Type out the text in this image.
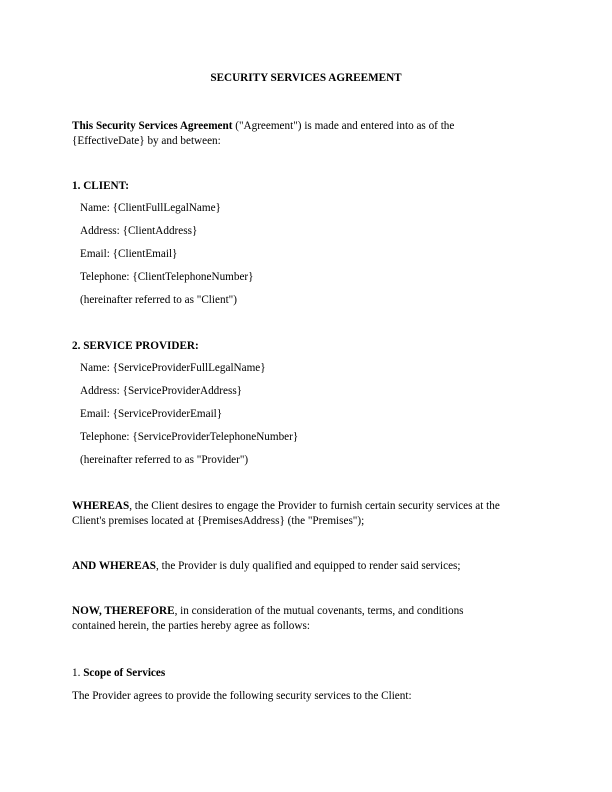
SECURITY SERVICES AGREEMENT
This Security Services Agreement ("Agreement") is made and entered into as of the
{EffectiveDate} by and between:
1. CLIENT:
Name: {ClientFullLegalName}
Address: {ClientAddress}
Email: {ClientEmail}
Telephone: {ClientTelephoneNumber}
(hereinafter referred to as "Client")
2. SERVICE PROVIDER:
Name: {ServiceProviderFullLegalName}
Address: {ServiceProviderAddress}
Email: {ServiceProviderEmail}
Telephone: {ServiceProviderTelephoneNumber}
(hereinafter referred to as "Provider")
WHEREAS, the Client desires to engage the Provider to furnish certain security services at the
Client's premises located at {PremisesAddress} (the "Premises");
AND WHEREAS, the Provider is duly qualified and equipped to render said services;
NOW, THEREFORE, in consideration of the mutual covenants, terms, and conditions
contained herein, the parties hereby agree as follows:
1. Scope of Services
The Provider agrees to provide the following security services to the Client:
